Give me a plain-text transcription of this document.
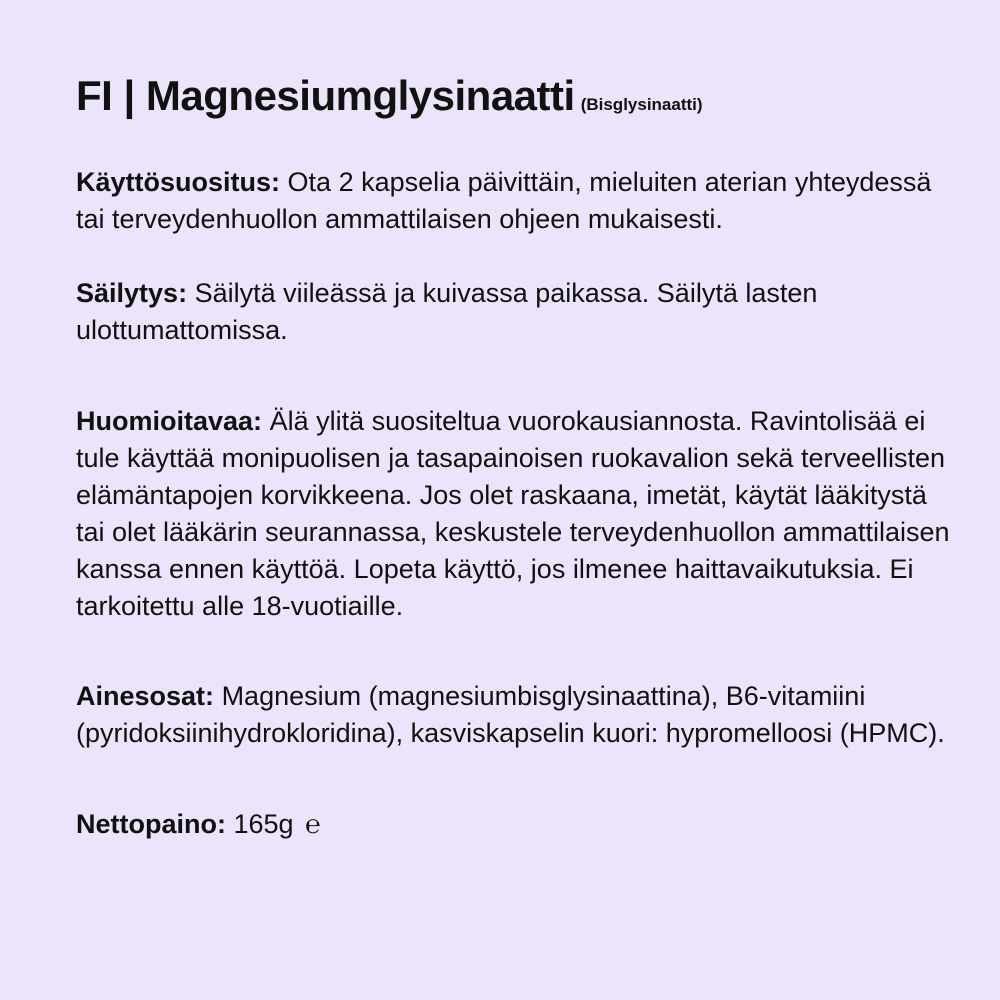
FI | Magnesiumglysinaatti (Bisglysinaatti)

Käyttösuositus: Ota 2 kapselia päivittäin, mieluiten aterian yhteydessä tai terveydenhuollon ammattilaisen ohjeen mukaisesti.

Säilytys: Säilytä viileässä ja kuivassa paikassa. Säilytä lasten ulottumattomissa.

Huomioitavaa: Älä ylitä suositeltua vuorokausiannosta. Ravintolisää ei tule käyttää monipuolisen ja tasapainoisen ruokavalion sekä terveellisten elämäntapojen korvikkeena. Jos olet raskaana, imetät, käytät lääkitystä tai olet lääkärin seurannassa, keskustele terveydenhuollon ammattilaisen kanssa ennen käyttöä. Lopeta käyttö, jos ilmenee haittavaikutuksia. Ei tarkoitettu alle 18-vuotiaille.

Ainesosat: Magnesium (magnesiumbisglysinaattina), B6-vitamiini (pyridoksiinihydrokloridina), kasviskapselin kuori: hypromelloosi (HPMC).

Nettopaino: 165g ℮
